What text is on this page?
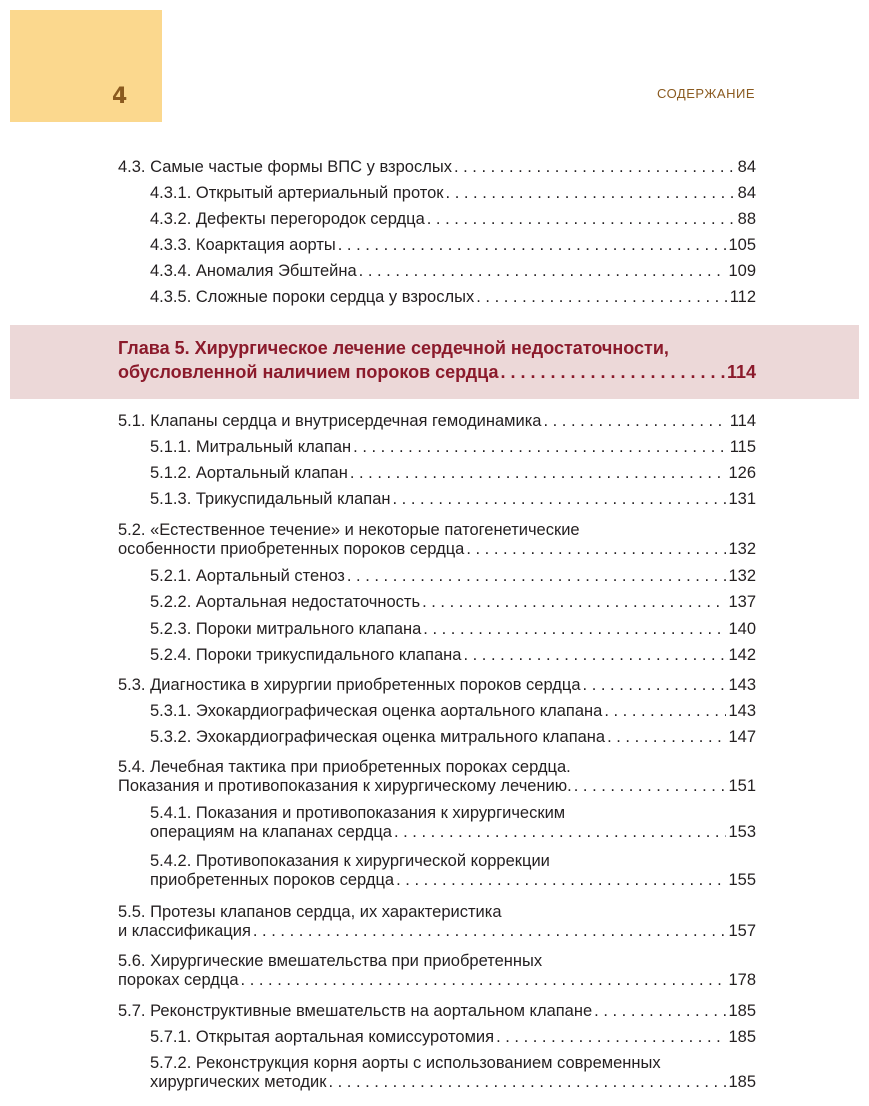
4	СОДЕРЖАНИЕ
4.3. Самые частые формы ВПС у взрослых . . .	84
4.3.1. Открытый артериальный проток . . .	84
4.3.2. Дефекты перегородок сердца . . .	88
4.3.3. Коарктация аорты . . .	105
4.3.4. Аномалия Эбштейна . . .	109
4.3.5. Сложные пороки сердца у взрослых . . .	112
Глава 5. Хирургическое лечение сердечной недостаточности,
обусловленной наличием пороков сердца . . .	114
5.1. Клапаны сердца и внутрисердечная гемодинамика . . .	114
5.1.1. Митральный клапан . . .	115
5.1.2. Аортальный клапан . . .	126
5.1.3. Трикуспидальный клапан . . .	131
5.2. «Естественное течение» и некоторые патогенетические
особенности приобретенных пороков сердца . . .	132
5.2.1. Аортальный стеноз . . .	132
5.2.2. Аортальная недостаточность . . .	137
5.2.3. Пороки митрального клапана . . .	140
5.2.4. Пороки трикуспидального клапана . . .	142
5.3. Диагностика в хирургии приобретенных пороков сердца . . .	143
5.3.1. Эхокардиографическая оценка аортального клапана . . .	143
5.3.2. Эхокардиографическая оценка митрального клапана . . .	147
5.4. Лечебная тактика при приобретенных пороках сердца.
Показания и противопоказания к хирургическому лечению. . . .	151
5.4.1. Показания и противопоказания к хирургическим
операциям на клапанах сердца . . .	153
5.4.2. Противопоказания к хирургической коррекции
приобретенных пороков сердца . . .	155
5.5. Протезы клапанов сердца, их характеристика
и классификация . . .	157
5.6. Хирургические вмешательства при приобретенных
пороках сердца . . .	178
5.7. Реконструктивные вмешательств на аортальном клапане . . .	185
5.7.1. Открытая аортальная комиссуротомия . . .	185
5.7.2. Реконструкция корня аорты с использованием современных
хирургических методик . . .	185
